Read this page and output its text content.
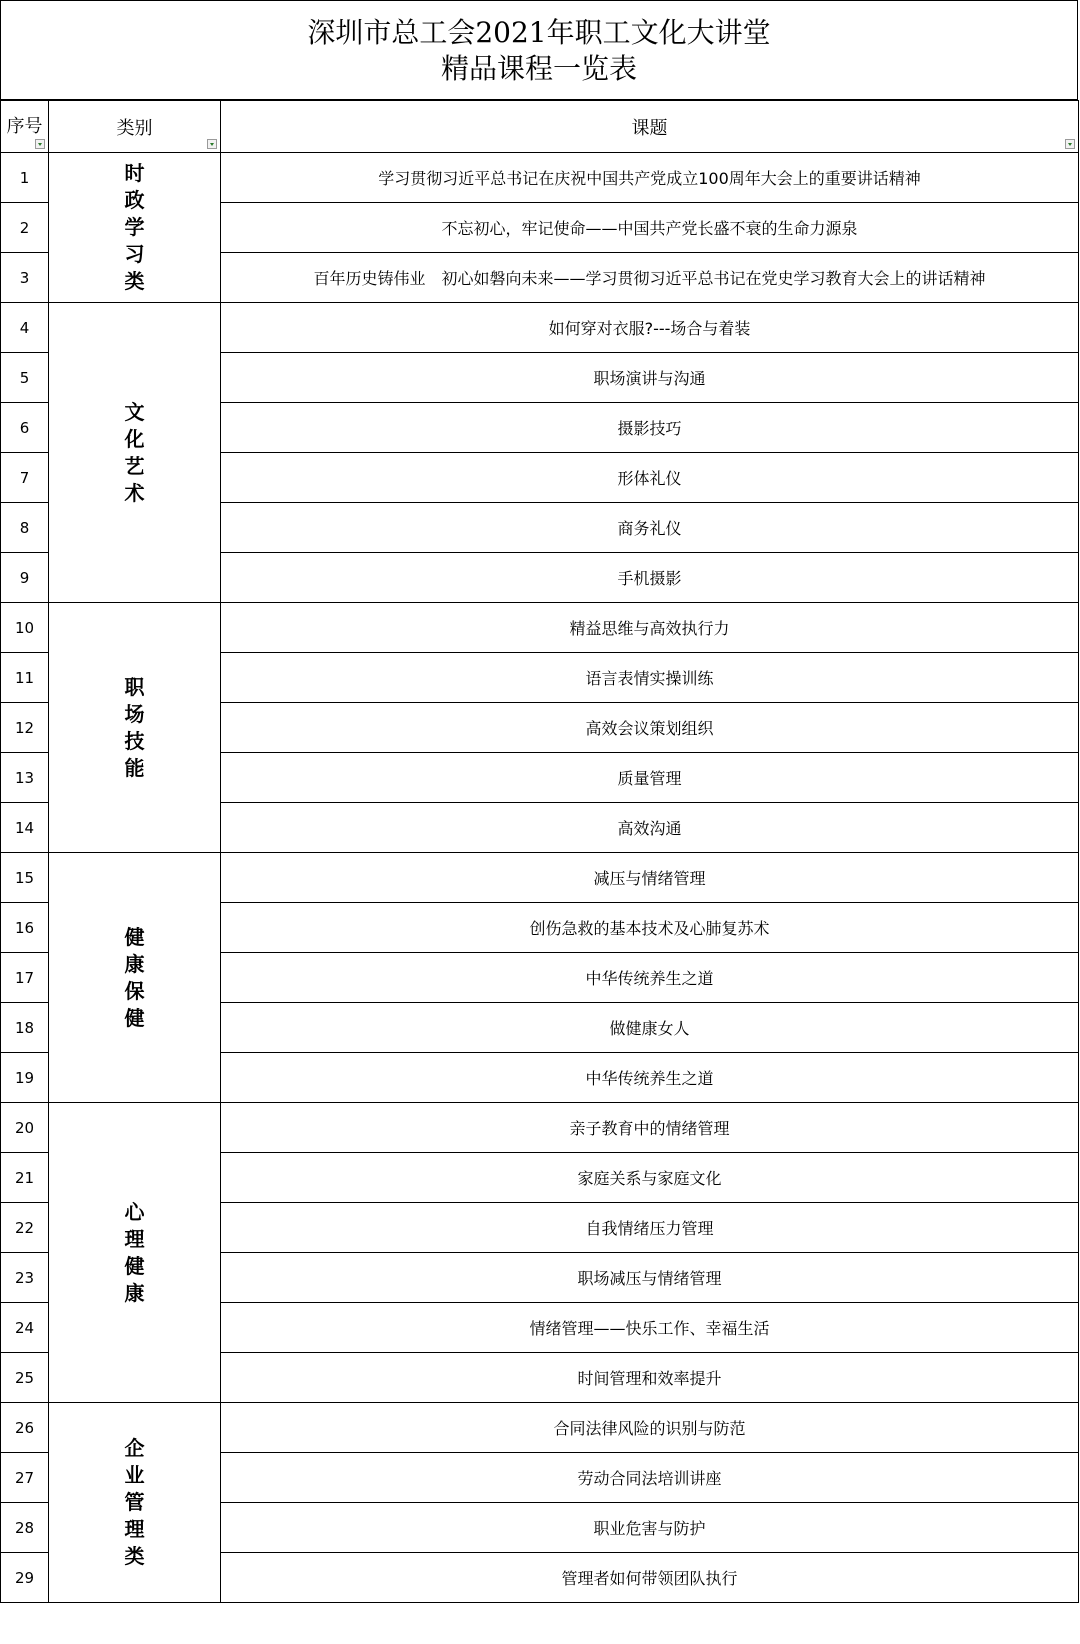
深圳市总工会2021年职工文化大讲堂
精品课程一览表
序号	类别	课题

1	时政学习类	学习贯彻习近平总书记在庆祝中国共产党成立100周年大会上的重要讲话精神
2		不忘初心，牢记使命——中国共产党长盛不衰的生命力源泉
3		百年历史铸伟业　初心如磐向未来——学习贯彻习近平总书记在党史学习教育大会上的讲话精神
4	文化艺术	如何穿对衣服?---场合与着装
5		职场演讲与沟通
6		摄影技巧
7		形体礼仪
8		商务礼仪
9		手机摄影
10	职场技能	精益思维与高效执行力
11		语言表情实操训练
12		高效会议策划组织
13		质量管理
14		高效沟通
15	健康保健	减压与情绪管理
16		创伤急救的基本技术及心肺复苏术
17		中华传统养生之道
18		做健康女人
19		中华传统养生之道
20	心理健康	亲子教育中的情绪管理
21		家庭关系与家庭文化
22		自我情绪压力管理
23		职场减压与情绪管理
24		情绪管理——快乐工作、幸福生活
25		时间管理和效率提升
26	企业管理类	合同法律风险的识别与防范
27		劳动合同法培训讲座
28		职业危害与防护
29		管理者如何带领团队执行
